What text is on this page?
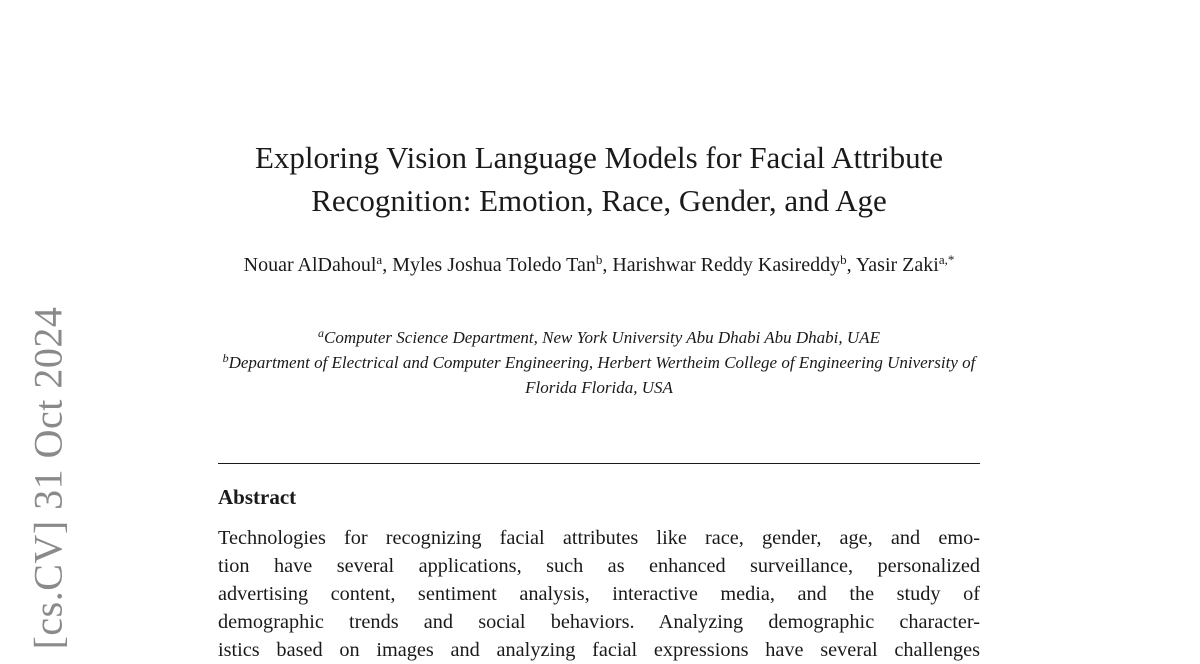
[cs.CV] 31 Oct 2024
Exploring Vision Language Models for Facial Attribute
Recognition: Emotion, Race, Gender, and Age
Nouar AlDahoul$^a$, Myles Joshua Toledo Tan$^b$, Harishwar Reddy Kasireddy$^b$, Yasir Zaki$^{a,*}$
$^a$Computer Science Department, New York University Abu Dhabi Abu Dhabi, UAE
$^b$Department of Electrical and Computer Engineering, Herbert Wertheim College of Engineering University of Florida Florida, USA
Abstract
Technologies for recognizing facial attributes like race, gender, age, and emo-
tion have several applications, such as enhanced surveillance, personalized
advertising content, sentiment analysis, interactive media, and the study of
demographic trends and social behaviors. Analyzing demographic character-
istics based on images and analyzing facial expressions have several challenges
